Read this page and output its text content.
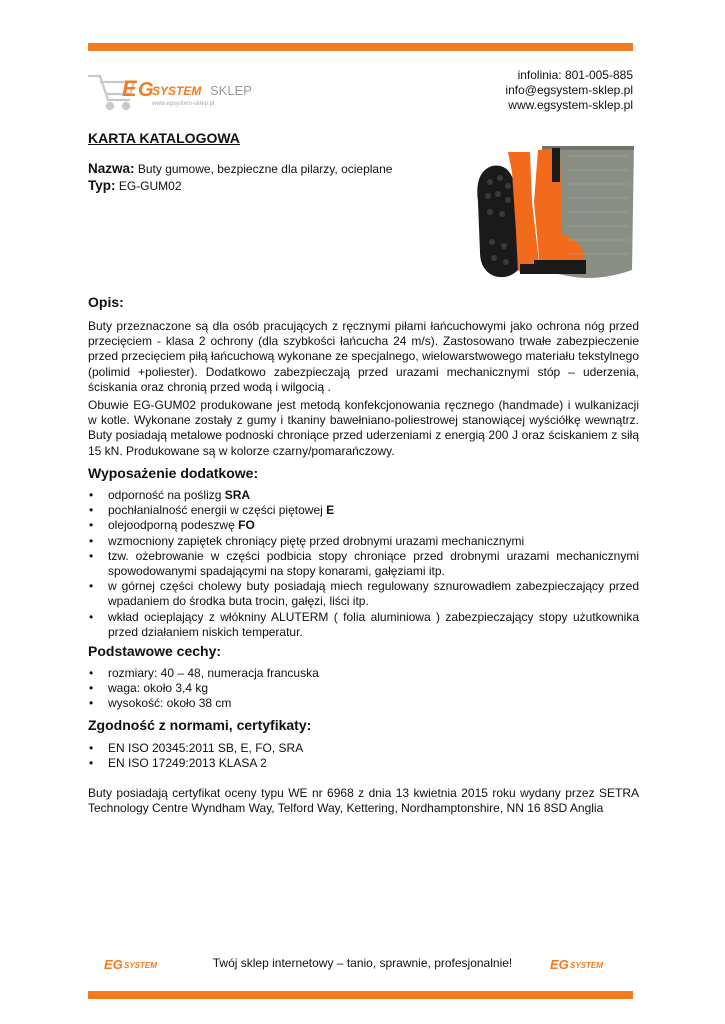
E G
SYSTEM SKLEP
www.egsystem-sklep.pl
infolinia: 801-005-885
info@egsystem-sklep.pl
www.egsystem-sklep.pl
KARTA KATALOGOWA
Nazwa: Buty gumowe, bezpieczne dla pilarzy, ocieplane
Typ: EG-GUM02
Opis:

Buty przeznaczone są dla osób pracujących z ręcznymi piłami łańcuchowymi jako ochrona nóg przed przecięciem - klasa 2 ochrony (dla szybkości łańcucha 24 m/s). Zastosowano trwałe zabezpieczenie przed przecięciem piłą łańcuchową wykonane ze specjalnego, wielowarstwowego materiału tekstylnego (polimid +poliester). Dodatkowo zabezpieczają przed urazami mechanicznymi stóp – uderzenia, ściskania oraz chronią przed wodą i wilgocią .

Obuwie EG-GUM02 produkowane jest metodą konfekcjonowania ręcznego (handmade) i wulkanizacji w kotle. Wykonane zostały z gumy i tkaniny bawełniano-poliestrowej stanowiącej wyściółkę wewnątrz. Buty posiadają metalowe podnoski chroniące przed uderzeniami z energią 200 J oraz ściskaniem z siłą 15 kN. Produkowane są w kolorze czarny/pomarańczowy.

Wyposażenie dodatkowe:
• odporność na poślizg SRA
• pochłanialność energii w części piętowej E
• olejoodporną podeszwę FO
• wzmocniony zapiętek chroniący piętę przed drobnymi urazami mechanicznymi
• tzw. ożebrowanie w części podbicia stopy chroniące przed drobnymi urazami mechanicznymi spowodowanymi spadającymi na stopy konarami, gałęziami itp.
• w górnej części cholewy buty posiadają miech regulowany sznurowadłem zabezpieczający przed wpadaniem do środka buta trocin, gałęzi, liści itp.
• wkład ocieplający z włókniny ALUTERM ( folia aluminiowa ) zabezpieczający stopy użutkownika przed działaniem niskich temperatur.
Podstawowe cechy:
• rozmiary: 40 – 48, numeracja francuska
• waga: około 3,4 kg
• wysokość: około 38 cm
Zgodność z normami, certyfikaty:
• EN ISO 20345:2011 SB, E, FO, SRA
• EN ISO 17249:2013 KLASA 2

Buty posiadają certyfikat oceny typu WE nr 6968 z dnia 13 kwietnia 2015 roku wydany przez SETRA Technology Centre Wyndham Way, Telford Way, Kettering, Nordhamptonshire, NN 16 8SD Anglia

EG SYSTEM	Twój sklep internetowy – tanio, sprawnie, profesjonalnie!	EG SYSTEM
